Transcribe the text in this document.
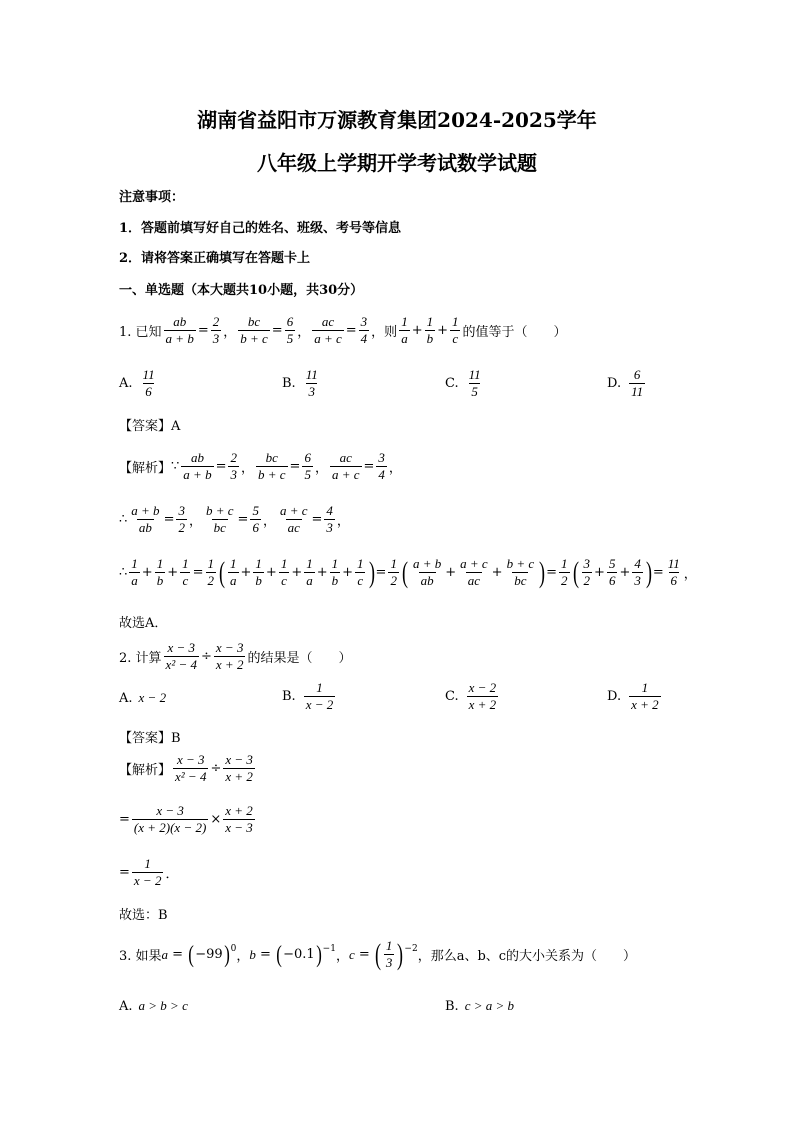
湖南省益阳市万源教育集团2024-2025学年
八年级上学期开学考试数学试题
注意事项：
1．答题前填写好自己的姓名、班级、考号等信息
2．请将答案正确填写在答题卡上
一、单选题（本大题共10小题，共30分）
1. 已知 $\frac{ab}{a + b} = \frac{2}{3}$ ， $\frac{bc}{b + c} = \frac{6}{5}$ ， $\frac{ac}{a + c} = \frac{3}{4}$ ，则 $\frac{1}{a} + \frac{1}{b} + \frac{1}{c}$ 的值等于（　　）
A. $\frac{11}{6}$	B. $\frac{11}{3}$	C. $\frac{11}{5}$	D. $\frac{6}{11}$
【答案】A
【解析】 ∵ $\frac{ab}{a + b} = \frac{2}{3}$ ， $\frac{bc}{b + c} = \frac{6}{5}$ ， $\frac{ac}{a + c} = \frac{3}{4}$ ，
∴ $\frac{a + b}{ab} = \frac{3}{2}$ ， $\frac{b + c}{bc} = \frac{5}{6}$ ， $\frac{a + c}{ac} = \frac{4}{3}$ ，
∴ $\frac{1}{a} + \frac{1}{b} + \frac{1}{c} = \frac{1}{2}$ ( $\frac{1}{a} + \frac{1}{b} + \frac{1}{c} + \frac{1}{a} + \frac{1}{b} + \frac{1}{c}$ ) = $\frac{1}{2}$ ( $\frac{a + b}{ab} + \frac{a + c}{ac} + \frac{b + c}{bc}$ ) = $\frac{1}{2}$ ( $\frac{3}{2} + \frac{5}{6} + \frac{4}{3}$ ) = $\frac{11}{6}$ ，
故选A．
2. 计算 $\frac{x - 3}{\text{x² − 4}} \div \frac{x - 3}{x + 2}$ 的结果是（　　）
A. x − 2	B. $\frac{1}{x - 2}$	C. $\frac{x - 2}{x + 2}$	D. $\frac{1}{x + 2}$
【答案】B
【解析】 $\frac{x - 3}{\text{x² − 4}} \div \frac{x - 3}{x + 2}$
= $\frac{x - 3}{(x + 2)(x - 2)} \times \frac{x + 2}{x - 3}$
= $\frac{1}{x - 2}$ ．
故选：B
3. 如果 a = ( −99 ) 0
， b = ( −0.1 ) −1
， c = ( $\frac{1}{3}$ ) −2
，那么a、b、c的大小关系为（　　）
A. a > b > c	B. c > a > b
